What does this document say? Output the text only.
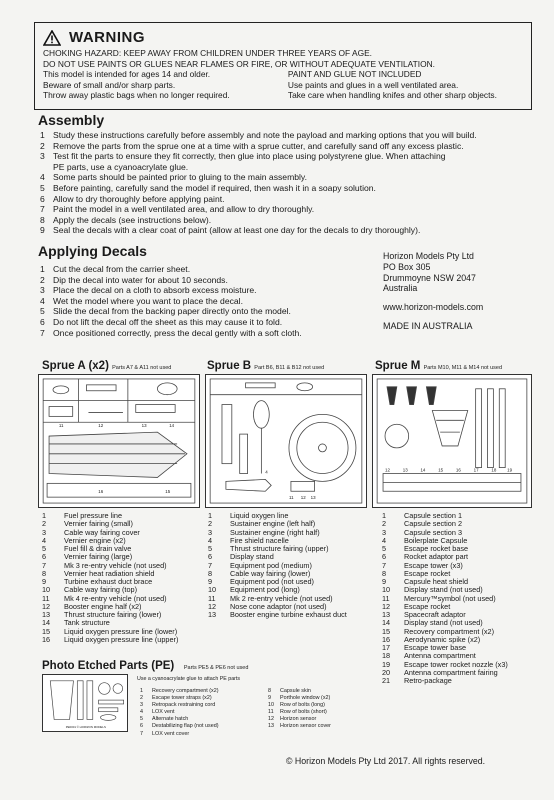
WARNING
CHOKING HAZARD: KEEP AWAY FROM CHILDREN UNDER THREE YEARS OF AGE.
DO NOT USE PAINTS OR GLUES NEAR FLAMES OR FIRE, OR WITHOUT ADEQUATE VENTILATION.
This model is intended for ages 14 and older.
Beware of small and/or sharp parts.
Throw away plastic bags when no longer required.
PAINT AND GLUE NOT INCLUDED
Use paints and glues in a well ventilated area.
Take care when handling knifes and other sharp objects.
Assembly
1 Study these instructions carefully before assembly and note the payload and marking options that you will build.
2 Remove the parts from the sprue one at a time with a sprue cutter, and carefully sand off any excess plastic.
3 Test fit the parts to ensure they fit correctly, then glue into place using polystyrene glue. When attaching
PE parts, use a cyanoacrylate glue.
4 Some parts should be painted prior to gluing to the main assembly.
5 Before painting, carefully sand the model if required, then wash it in a soapy solution.
6 Allow to dry thoroughly before applying paint.
7 Paint the model in a well ventilated area, and allow to dry thoroughly.
8 Apply the decals (see instructions below).
9 Seal the decals with a clear coat of paint (allow at least one day for the decals to dry thoroughly).
Applying Decals
1 Cut the decal from the carrier sheet.
2 Dip the decal into water for about 10 seconds.
3 Place the decal on a cloth to absorb excess moisture.
4 Wet the model where you want to place the decal.
5 Slide the decal from the backing paper directly onto the model.
6 Do not lift the decal off the sheet as this may cause it to fold.
7 Once positioned correctly, press the decal gently with a soft cloth.
Horizon Models Pty Ltd
PO Box 305
Drummoyne NSW 2047
Australia
www.horizon-models.com
MADE IN AUSTRALIA
Sprue A (x2) Parts A7 & A11 not used	Sprue B Part B6, B11 & B12 not used	Sprue M Parts M10, M11 & M14 not used
11	12	13	14
16	15
4
11 12 13
12	13	14	15	16	17	18 19
1	Fuel pressure line
2	Vernier fairing (small)
3	Cable way fairing cover
4	Vernier engine (x2)
5	Fuel fill & drain valve
6	Vernier fairing (large)
7	Mk 3 re-entry vehicle (not used)
8	Vernier heat radiation shield
9	Turbine exhaust duct brace
10	Cable way fairing (top)
11	Mk 4 re-entry vehicle (not used)
12	Booster engine half (x2)
13	Thrust structure fairing (lower)
14	Tank structure
15	Liquid oxygen pressure line (lower)
16	Liquid oxygen pressure line (upper)
1	Liquid oxygen line
2	Sustainer engine (left half)
3	Sustainer engine (right half)
4	Fire shield nacelle
5	Thrust structure fairing (upper)
6	Display stand
7	Equipment pod (medium)
8	Cable way fairing (lower)
9	Equipment pod (not used)
10	Equipment pod (long)
11	Mk 2 re-entry vehicle (not used)
12	Nose cone adaptor (not used)
13	Booster engine turbine exhaust duct
1	Capsule section 1
2	Capsule section 2
3	Capsule section 3
4	Boilerplate Capsule
5	Escape rocket base
6	Rocket adaptor part
7	Escape tower (x3)
8	Escape rocket
9	Capsule heat shield
10	Display stand (not used)
11	Mercury™symbol (not used)
12	Escape rocket
13	Spacecraft adaptor
14	Display stand (not used)
15	Recovery compartment (x2)
16	Aerodynamic spike (x2)
17	Escape tower base
18	Antenna compartment
19	Escape tower rocket nozzle (x3)
20	Antenna compartment fairing
21	Retro-package
Photo Etched Parts (PE) Parts PE5 & PE6 not used
PE0001 © HORIZON MODELS
Use a cyanoacrylate glue to attach PE parts
1	Recovery compartment (x2)
2	Escape tower straps (x2)
3	Retropack restraining cord
4	LOX vent
5	Alternate hatch
6	Destabilizing flap (not used)
7	LOX vent cover
8	Capsule skin
9	Porthole window (x2)
10	Row of bolts (long)
11	Row of bolts (short)
12	Horizon sensor
13	Horizon sensor cover
© Horizon Models Pty Ltd 2017. All rights reserved.
